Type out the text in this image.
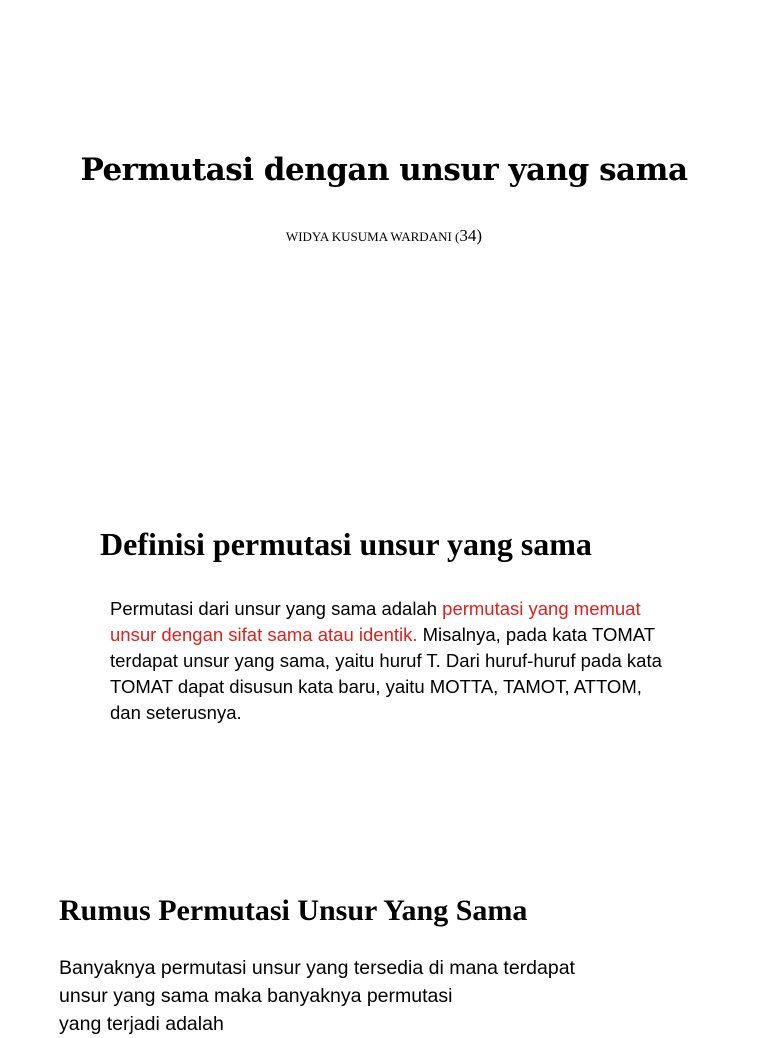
Permutasi dengan unsur yang sama

WIDYA KUSUMA WARDANI (34)

Definisi permutasi unsur yang sama

Permutasi dari unsur yang sama adalah permutasi yang memuat unsur dengan sifat sama atau identik. Misalnya, pada kata TOMAT terdapat unsur yang sama, yaitu huruf T. Dari huruf-huruf pada kata TOMAT dapat disusun kata baru, yaitu MOTTA, TAMOT, ATTOM, dan seterusnya.

Rumus Permutasi Unsur Yang Sama

Banyaknya permutasi unsur yang tersedia di mana terdapat
unsur yang sama maka banyaknya permutasi
yang terjadi adalah
